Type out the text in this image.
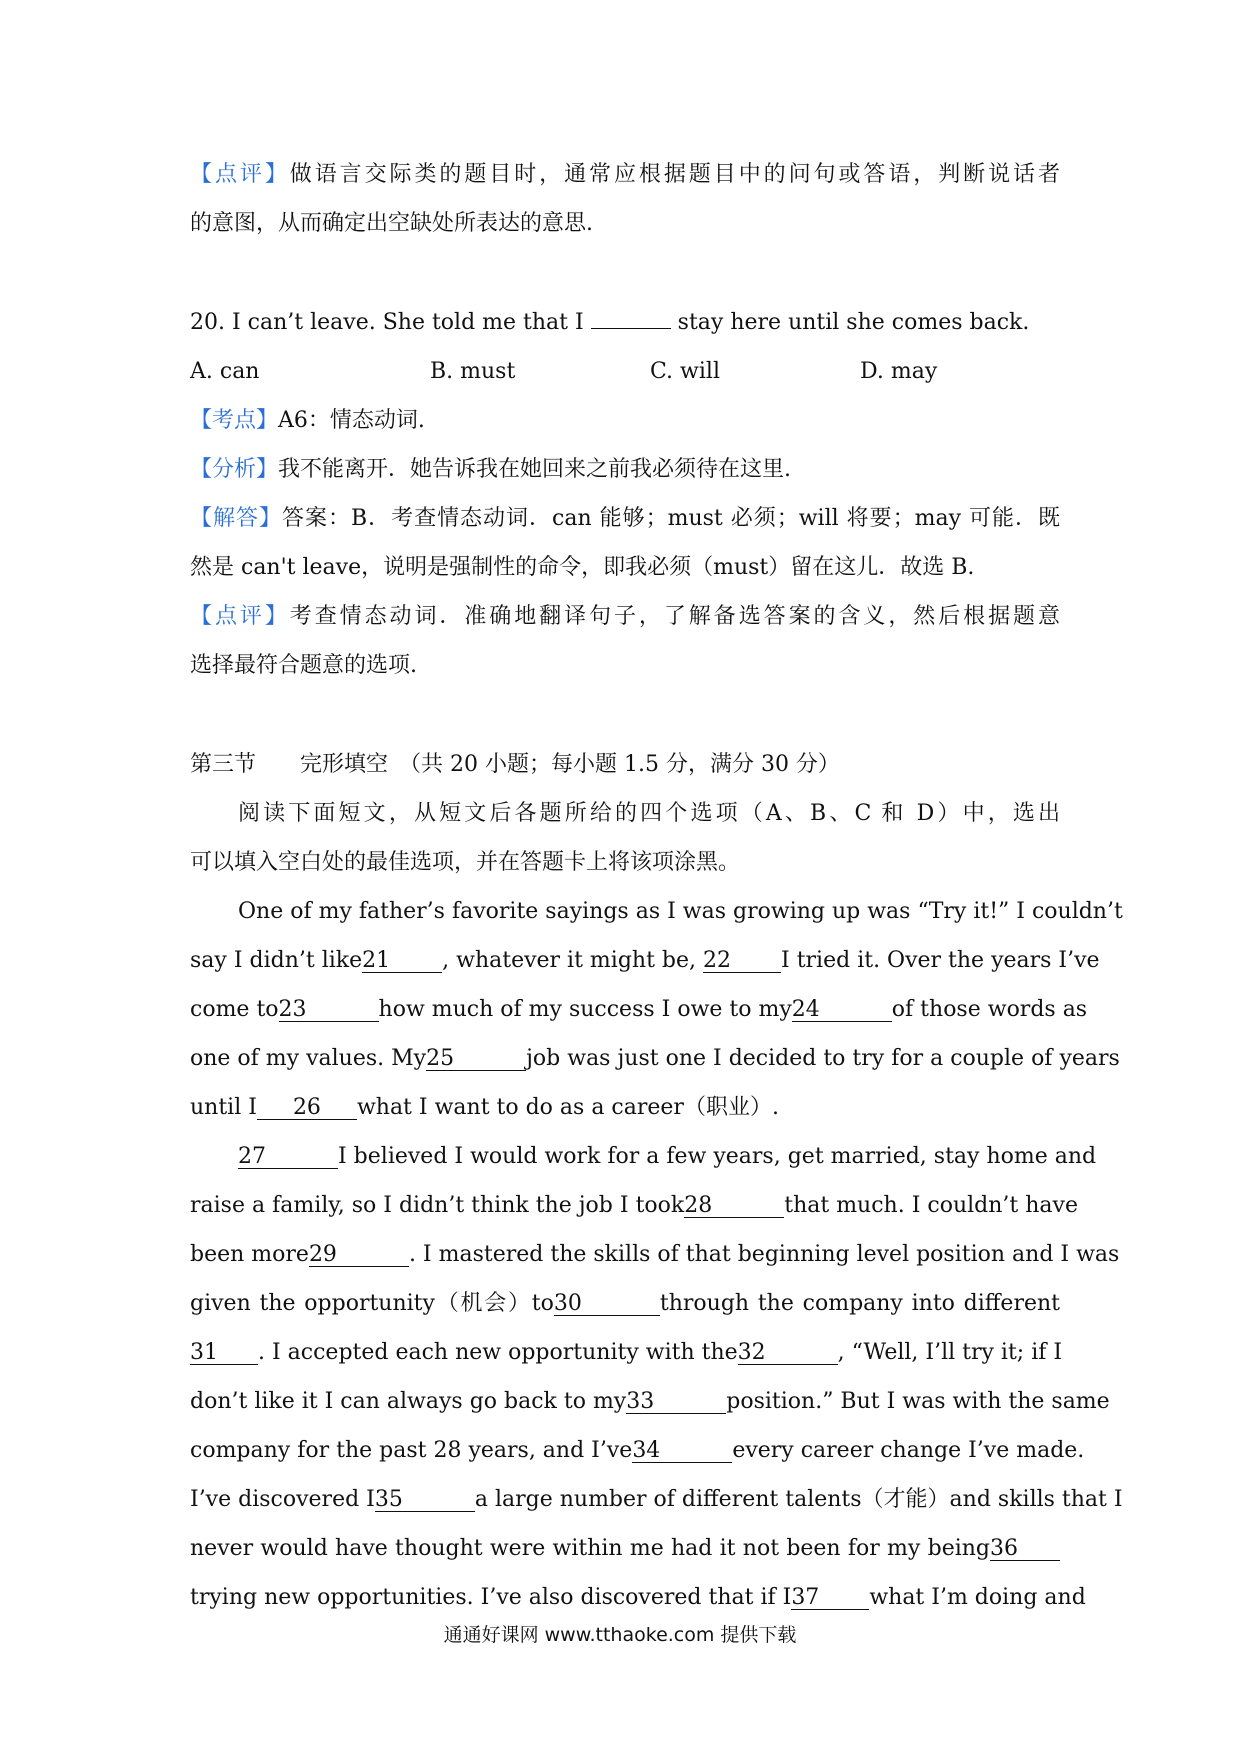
【点评】做语言交际类的题目时，通常应根据题目中的问句或答语，判断说话者
的意图，从而确定出空缺处所表达的意思.
20. I can’t leave. She told me that I	stay here until she comes back.
A. can	B. must	C. will	D. may
【考点】A6：情态动词.
【分析】我不能离开．她告诉我在她回来之前我必须待在这里.
【解答】答案：B．考查情态动词．can 能够；must 必须；will 将要；may 可能．既
然是 can't leave，说明是强制性的命令，即我必须（must）留在这儿．故选 B.
【点评】考查情态动词．准确地翻译句子，了解备选答案的含义，然后根据题意
选择最符合题意的选项.
第三节　　完形填空　（共 20 小题；每小题 1.5 分，满分 30 分）
阅读下面短文，从短文后各题所给的四个选项（A、B、C 和 D）中，选出
可以填入空白处的最佳选项，并在答题卡上将该项涂黑。
One of my father’s favorite sayings as I was growing up was “Try it!” I couldn’t
say I didn’t like21 , whatever it might be, 22 I tried it. Over the years I’ve
come to23	how much of my success I owe to my24	of those words as
one of my values. My25	job was just one I decided to try for a couple of years
until I 26 what I want to do as a career（职业）.
27	I believed I would work for a few years, get married, stay home and
raise a family, so I didn’t think the job I took28	that much. I couldn’t have
been more29	. I mastered the skills of that beginning level position and I was
given the opportunity（机会）to30	through the company into different
31 . I accepted each new opportunity with the32	, “Well, I’ll try it; if I
don’t like it I can always go back to my33	position.” But I was with the same
company for the past 28 years, and I’ve34	every career change I’ve made.
I’ve discovered I35	a large number of different talents（才能）and skills that I
never would have thought were within me had it not been for my being36
trying new opportunities. I’ve also discovered that if I37 what I’m doing and
通通好课网 www.tthaoke.com 提供下载
